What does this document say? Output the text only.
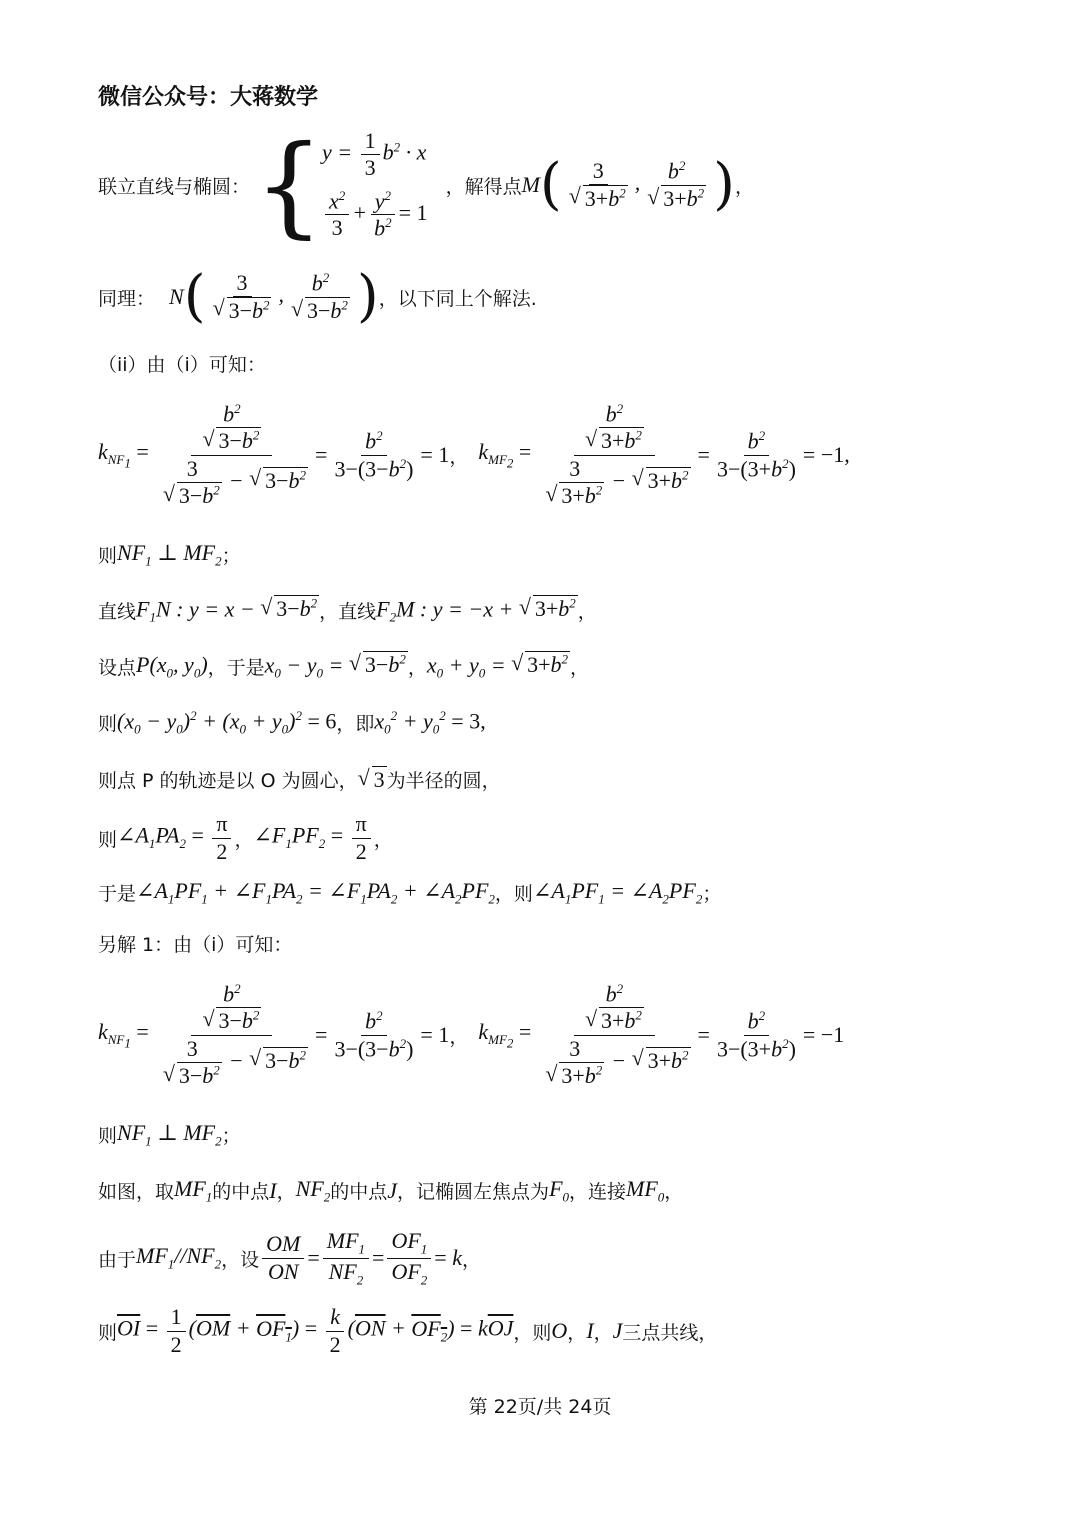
微信公众号：大蒋数学
联立直线与椭圆： {
$y = \frac{1}{3} b^2 \cdot x$
$\frac{x^2}{3} + \frac{y^2}{b^2} = 1$
，解得点 M ( 3
√ $3+b^2$ , $b^2$
√ $3+b^2$ ) ，
同理： N ( 3
√ $3-b^2$ , $b^2$
√ $3-b^2$ ) ，以下同上个解法.
（ii）由（i）可知：
$k_{NF_1} = b^2$
√ $3-b^2$
3
√ $3-b^2$ − √ $3-b^2 = \frac{b^2}{3-(3-b^2)} = 1$ ， $k_{MF_2} = b^2$
√ $3+b^2$
3
√ $3+b^2$ − √ $3+b^2 = \frac{b^2}{3-(3+b^2)} = -1$,
则 $NF_1$ ⊥ $MF_2$ ；
直线 $F_1N$ : y = x − √ $3-b^2$ ，直线 $F_2M$ : y = −x + √ $3+b^2$ ，
设点 $P(x_0$, $y_0$) ，于是 $x_0 - y_0$ = √ $3-b^2$ ， $x_0 + y_0$ = √ $3+b^2$ ，
则 $(x_0 - y_0)^2 + (x_0 + y_0)^2 = 6$ ，即 $x_0^2 + y_0^2 = 3$,
则点 P 的轨迹是以 O 为圆心， √ 3 为半径的圆，
则 $\angle A_1PA_2 = \frac{\pi}{2}$ ， $\angle F_1PF_2 = \frac{\pi}{2}$ ，
于是 $\angle A_1PF_1$ + $\angle F_1PA_2$ = $\angle F_1PA_2$ + $\angle A_2PF_2$ ，则 $\angle A_1PF_1$ = $\angle A_2PF_2$ ；
另解 1：由（i）可知：
$k_{NF_1} = b^2$
√ $3-b^2$
3
√ $3-b^2$ − √ $3-b^2 = \frac{b^2}{3-(3-b^2)} = 1$ ， $k_{MF_2} = b^2$
√ $3+b^2$
3
√ $3+b^2$ − √ $3+b^2 = \frac{b^2}{3-(3+b^2)} = -1$
则 $NF_1$ ⊥ $MF_2$ ；
如图，取 $MF_1$ 的中点 I ， $NF_2$ 的中点 J ，记椭圆左焦点为 $F_0$ ，连接 $MF_0$ ，
由于 $MF_1//NF_2$ ，设 $\frac{OM}{ON} = \frac{MF_1}{NF_2} = \frac{OF_1}{OF_2} = k$ ，
则 $\overline{OI} = \frac{1}{2} (\overline{OM} + OF_1) = \frac{k}{2} (\overline{ON} + OF_2) = k\overline{OJ}$ ，则 O ， I ， J 三点共线，
第 22页/共 24页
